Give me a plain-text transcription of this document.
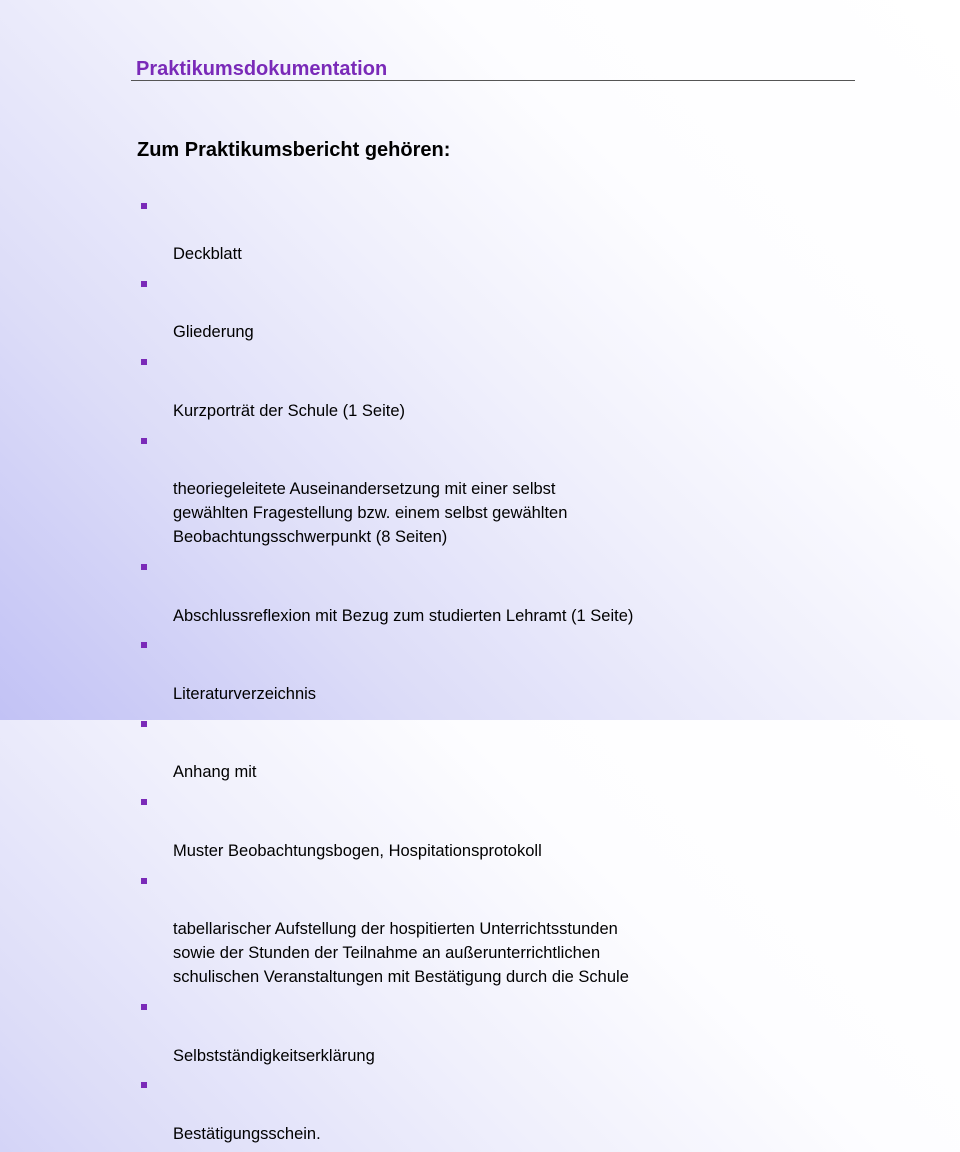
Praktikumsdokumentation
Zum Praktikumsbericht gehören:

Deckblatt

Gliederung

Kurzporträt der Schule (1 Seite)

theoriegeleitete Auseinandersetzung mit einer selbst
gewählten Fragestellung bzw. einem selbst gewählten
Beobachtungsschwerpunkt (8 Seiten)

Abschlussreflexion mit Bezug zum studierten Lehramt (1 Seite)

Literaturverzeichnis

Anhang mit

Muster Beobachtungsbogen, Hospitationsprotokoll

tabellarischer Aufstellung der hospitierten Unterrichtsstunden
sowie der Stunden der Teilnahme an außerunterrichtlichen
schulischen Veranstaltungen mit Bestätigung durch die Schule

Selbstständigkeitserklärung

Bestätigungsschein.
